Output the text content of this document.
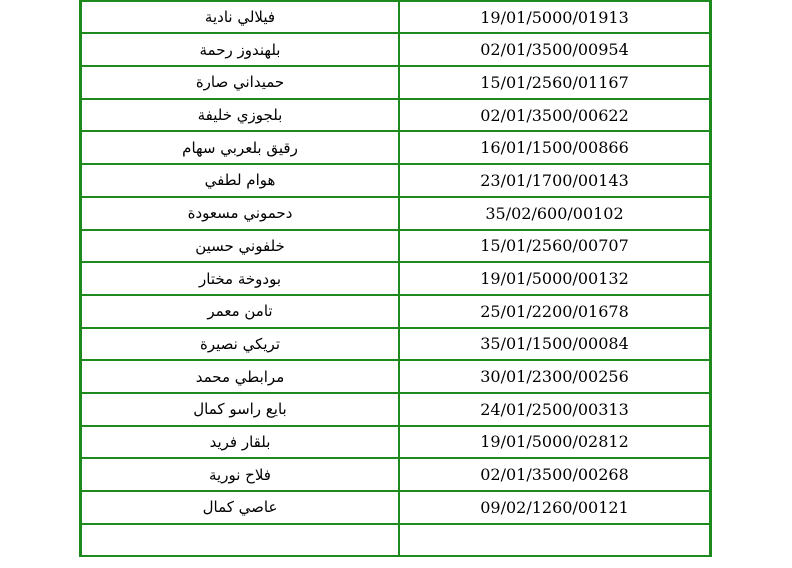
فيلالي نادية	19/01/5000/01913
بلهندوز رحمة	02/01/3500/00954
حميداني صارة	15/01/2560/01167
بلجوزي خليفة	02/01/3500/00622
رقيق بلعربي سهام	16/01/1500/00866
هوام لطفي	23/01/1700/00143
دحموني مسعودة	35/02/600/00102
خلفوني حسين	15/01/2560/00707
بودوخة مختار	19/01/5000/00132
تامن معمر	25/01/2200/01678
تريكي نصيرة	35/01/1500/00084
مرابطي محمد	30/01/2300/00256
بايع راسو كمال	24/01/2500/00313
بلقار فريد	19/01/5000/02812
فلاح نورية	02/01/3500/00268
عاصي كمال	09/02/1260/00121
